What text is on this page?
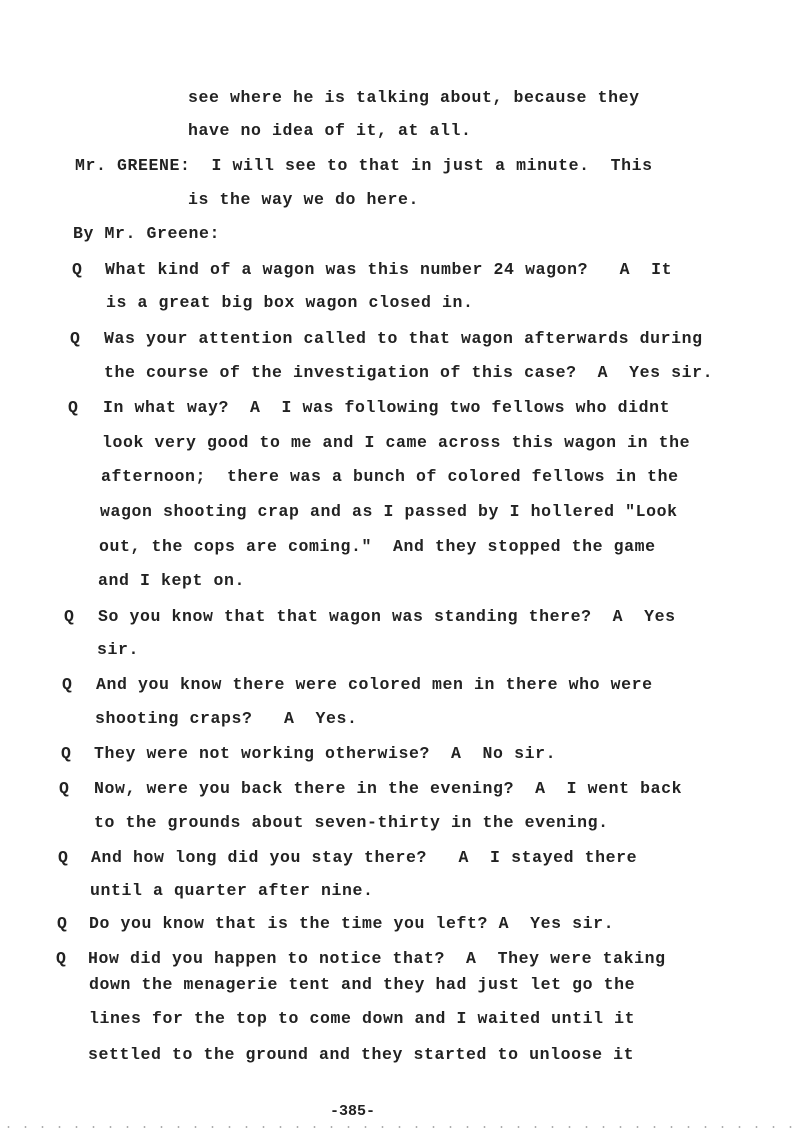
see where he is talking about, because they
have no idea of it, at all.
Mr. GREENE:  I will see to that in just a minute.  This
is the way we do here.
By Mr. Greene:
Q What kind of a wagon was this number 24 wagon?   A  It
is a great big box wagon closed in.
Q Was your attention called to that wagon afterwards during
the course of the investigation of this case?  A  Yes sir.
Q In what way?  A  I was following two fellows who didnt
look very good to me and I came across this wagon in the
afternoon;  there was a bunch of colored fellows in the
wagon shooting crap and as I passed by I hollered "Look
out, the cops are coming."  And they stopped the game
and I kept on.
Q So you know that that wagon was standing there?  A  Yes
sir.
Q And you know there were colored men in there who were
shooting craps?   A  Yes.
Q They were not working otherwise?  A  No sir.
Q Now, were you back there in the evening?  A  I went back
to the grounds about seven-thirty in the evening.
Q And how long did you stay there?   A  I stayed there
until a quarter after nine.
Q Do you know that is the time you left? A  Yes sir.
Q How did you happen to notice that?  A  They were taking
down the menagerie tent and they had just let go the
lines for the top to come down and I waited until it
settled to the ground and they started to unloose it
-385-
